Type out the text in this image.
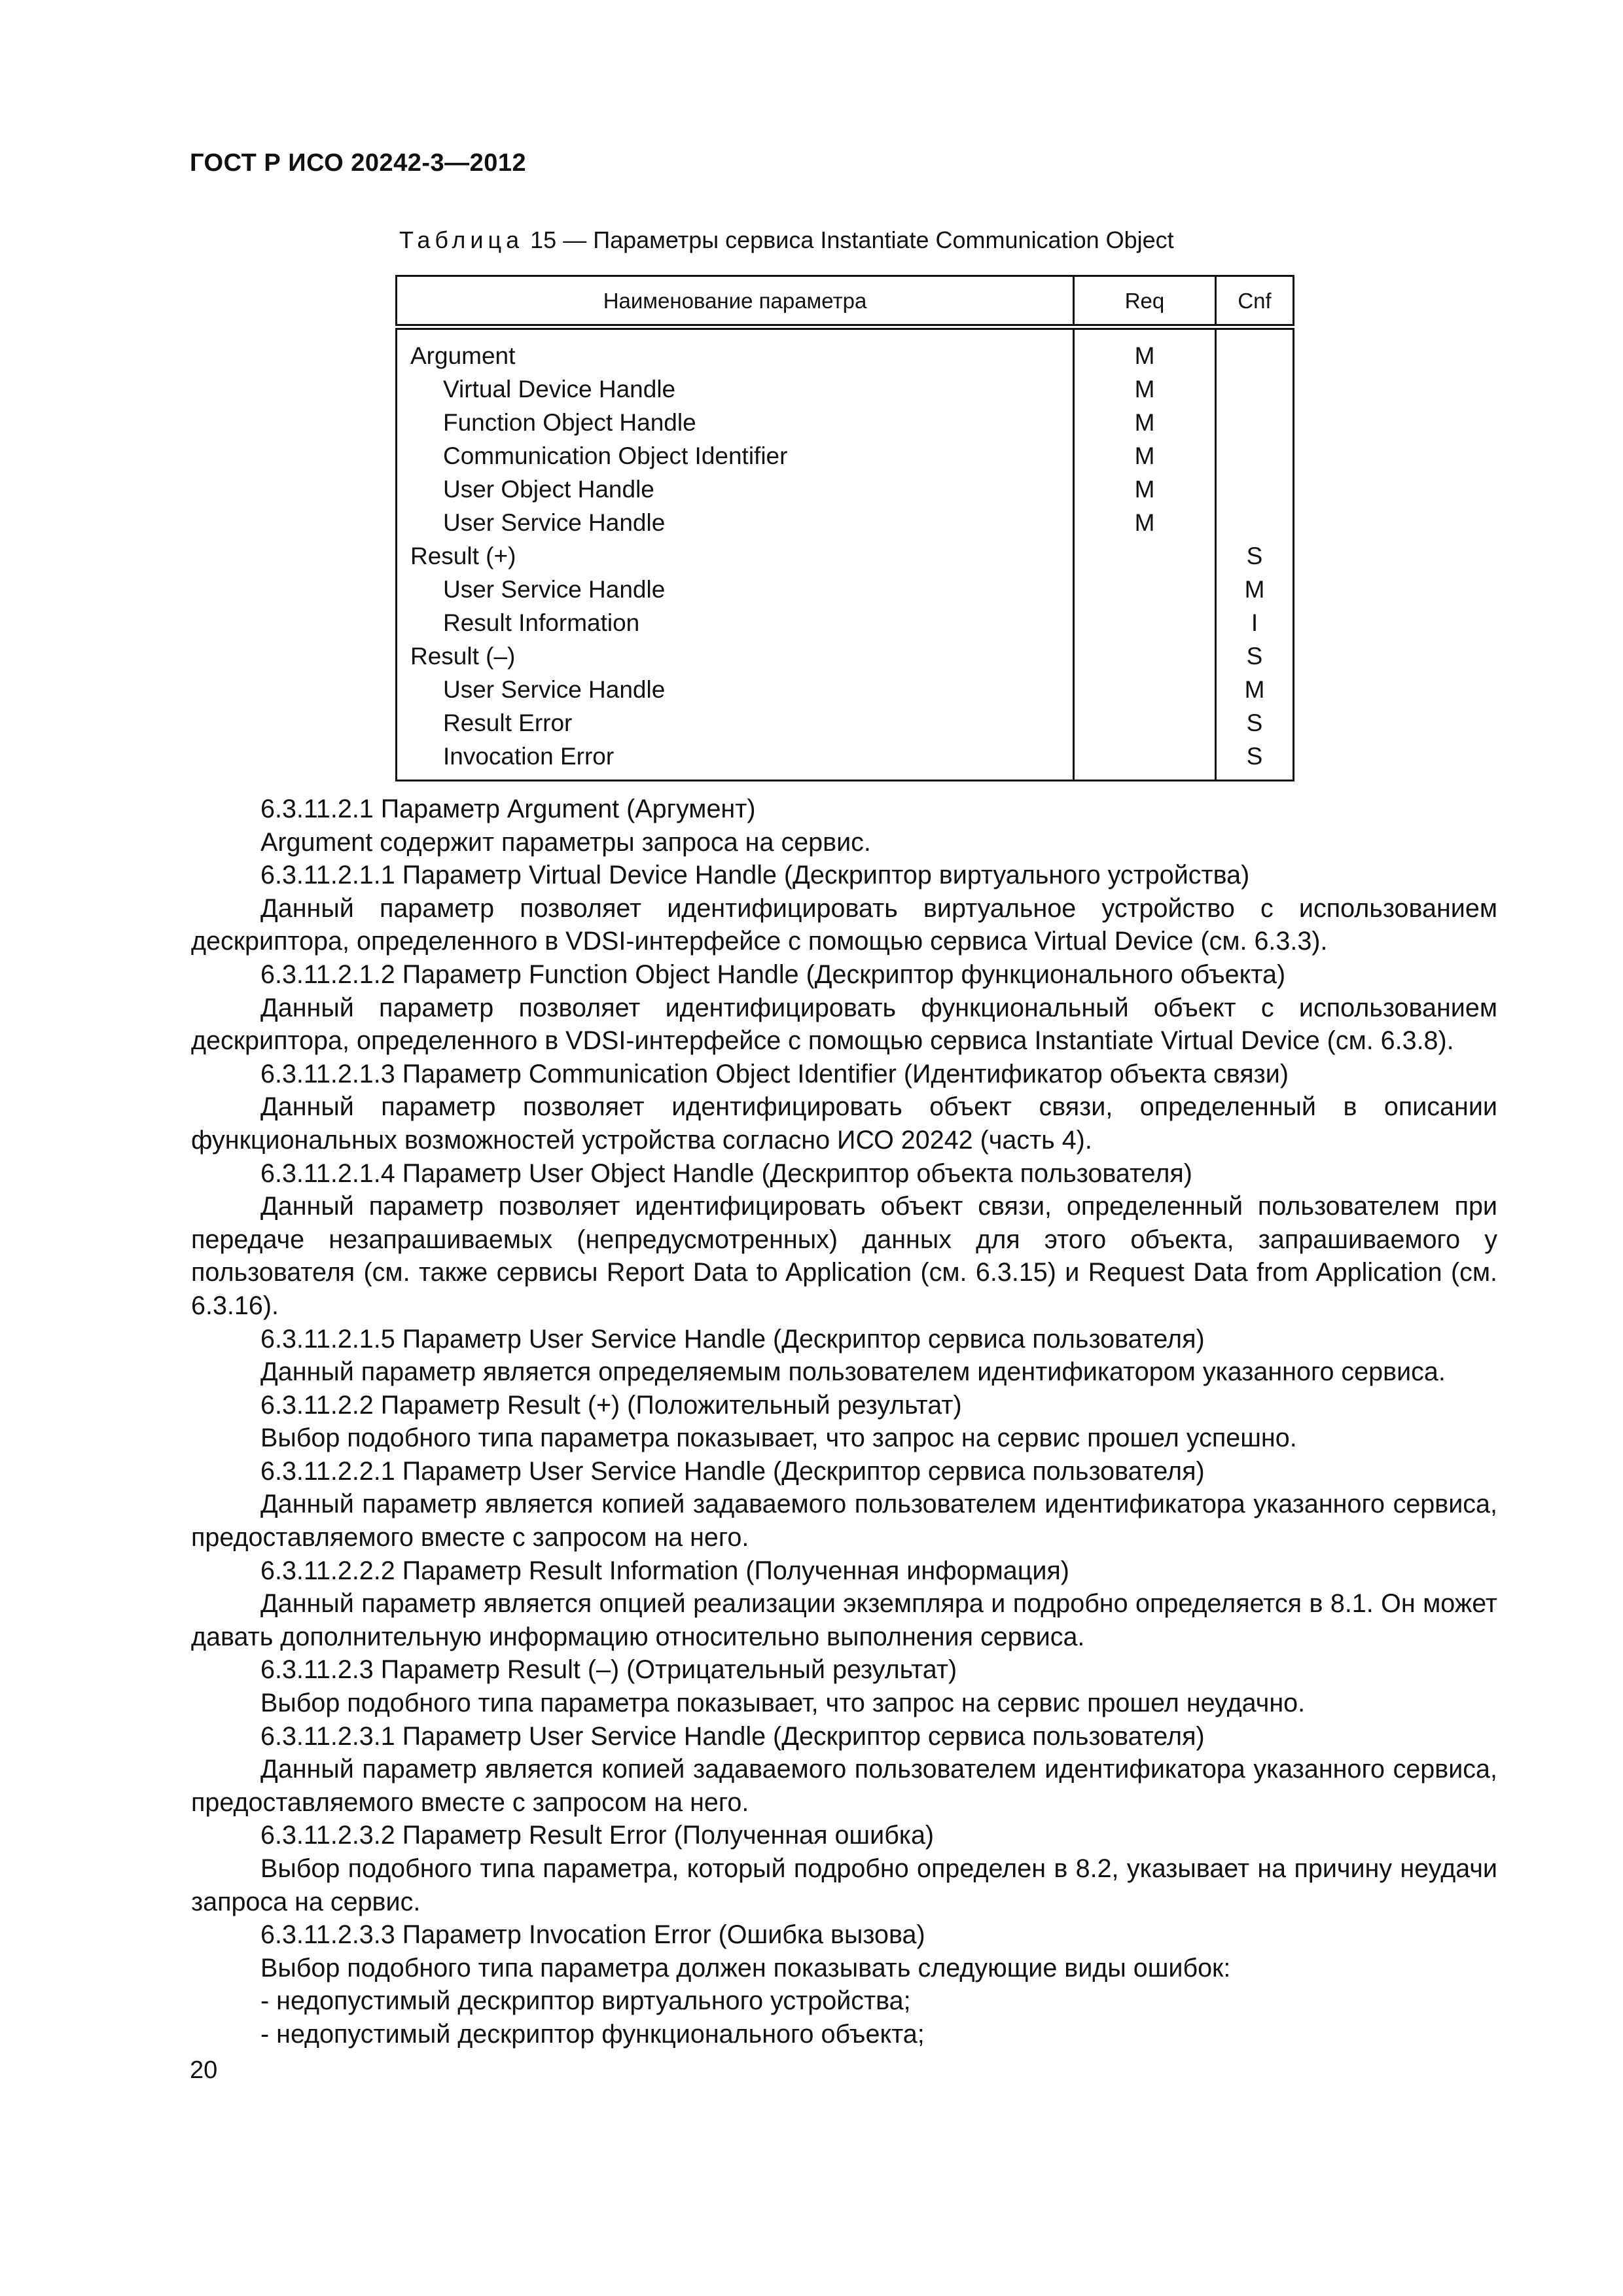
ГОСТ Р ИСО 20242-3—2012
Таблица 15 — Параметры сервиса Instantiate Communication Object
Наименование параметра	Req	Cnf
Argument	M	
Virtual Device Handle	M	
Function Object Handle	M	
Communication Object Identifier	M	
User Object Handle	M	
User Service Handle	M	
Result (+)		S
User Service Handle		M
Result Information		I
Result (–)		S
User Service Handle		M
Result Error		S
Invocation Error		S

6.3.11.2.1 Параметр Argument (Аргумент)

Argument содержит параметры запроса на сервис.

6.3.11.2.1.1 Параметр Virtual Device Handle (Дескриптор виртуального устройства)

Данный параметр позволяет идентифицировать виртуальное устройство с использованием дескриптора, определенного в VDSI-интерфейсе с помощью сервиса Virtual Device (см. 6.3.3).

6.3.11.2.1.2 Параметр Function Object Handle (Дескриптор функционального объекта)

Данный параметр позволяет идентифицировать функциональный объект с использованием дескриптора, определенного в VDSI-интерфейсе с помощью сервиса Instantiate Virtual Device (см. 6.3.8).

6.3.11.2.1.3 Параметр Communication Object Identifier (Идентификатор объекта связи)

Данный параметр позволяет идентифицировать объект связи, определенный в описании функциональных возможностей устройства согласно ИСО 20242 (часть 4).

6.3.11.2.1.4 Параметр User Object Handle (Дескриптор объекта пользователя)

Данный параметр позволяет идентифицировать объект связи, определенный пользователем при передаче незапрашиваемых (непредусмотренных) данных для этого объекта, запрашиваемого у пользователя (см. также сервисы Report Data to Application (см. 6.3.15) и Request Data from Application (см. 6.3.16).

6.3.11.2.1.5 Параметр User Service Handle (Дескриптор сервиса пользователя)

Данный параметр является определяемым пользователем идентификатором указанного сервиса.

6.3.11.2.2 Параметр Result (+) (Положительный результат)

Выбор подобного типа параметра показывает, что запрос на сервис прошел успешно.

6.3.11.2.2.1 Параметр User Service Handle (Дескриптор сервиса пользователя)

Данный параметр является копией задаваемого пользователем идентификатора указанного сервиса, предоставляемого вместе с запросом на него.

6.3.11.2.2.2 Параметр Result Information (Полученная информация)

Данный параметр является опцией реализации экземпляра и подробно определяется в 8.1. Он может давать дополнительную информацию относительно выполнения сервиса.

6.3.11.2.3 Параметр Result (–) (Отрицательный результат)

Выбор подобного типа параметра показывает, что запрос на сервис прошел неудачно.

6.3.11.2.3.1 Параметр User Service Handle (Дескриптор сервиса пользователя)

Данный параметр является копией задаваемого пользователем идентификатора указанного сервиса, предоставляемого вместе с запросом на него.

6.3.11.2.3.2 Параметр Result Error (Полученная ошибка)

Выбор подобного типа параметра, который подробно определен в 8.2, указывает на причину неудачи запроса на сервис.

6.3.11.2.3.3 Параметр Invocation Error (Ошибка вызова)

Выбор подобного типа параметра должен показывать следующие виды ошибок:

- недопустимый дескриптор виртуального устройства;

- недопустимый дескриптор функционального объекта;

20
